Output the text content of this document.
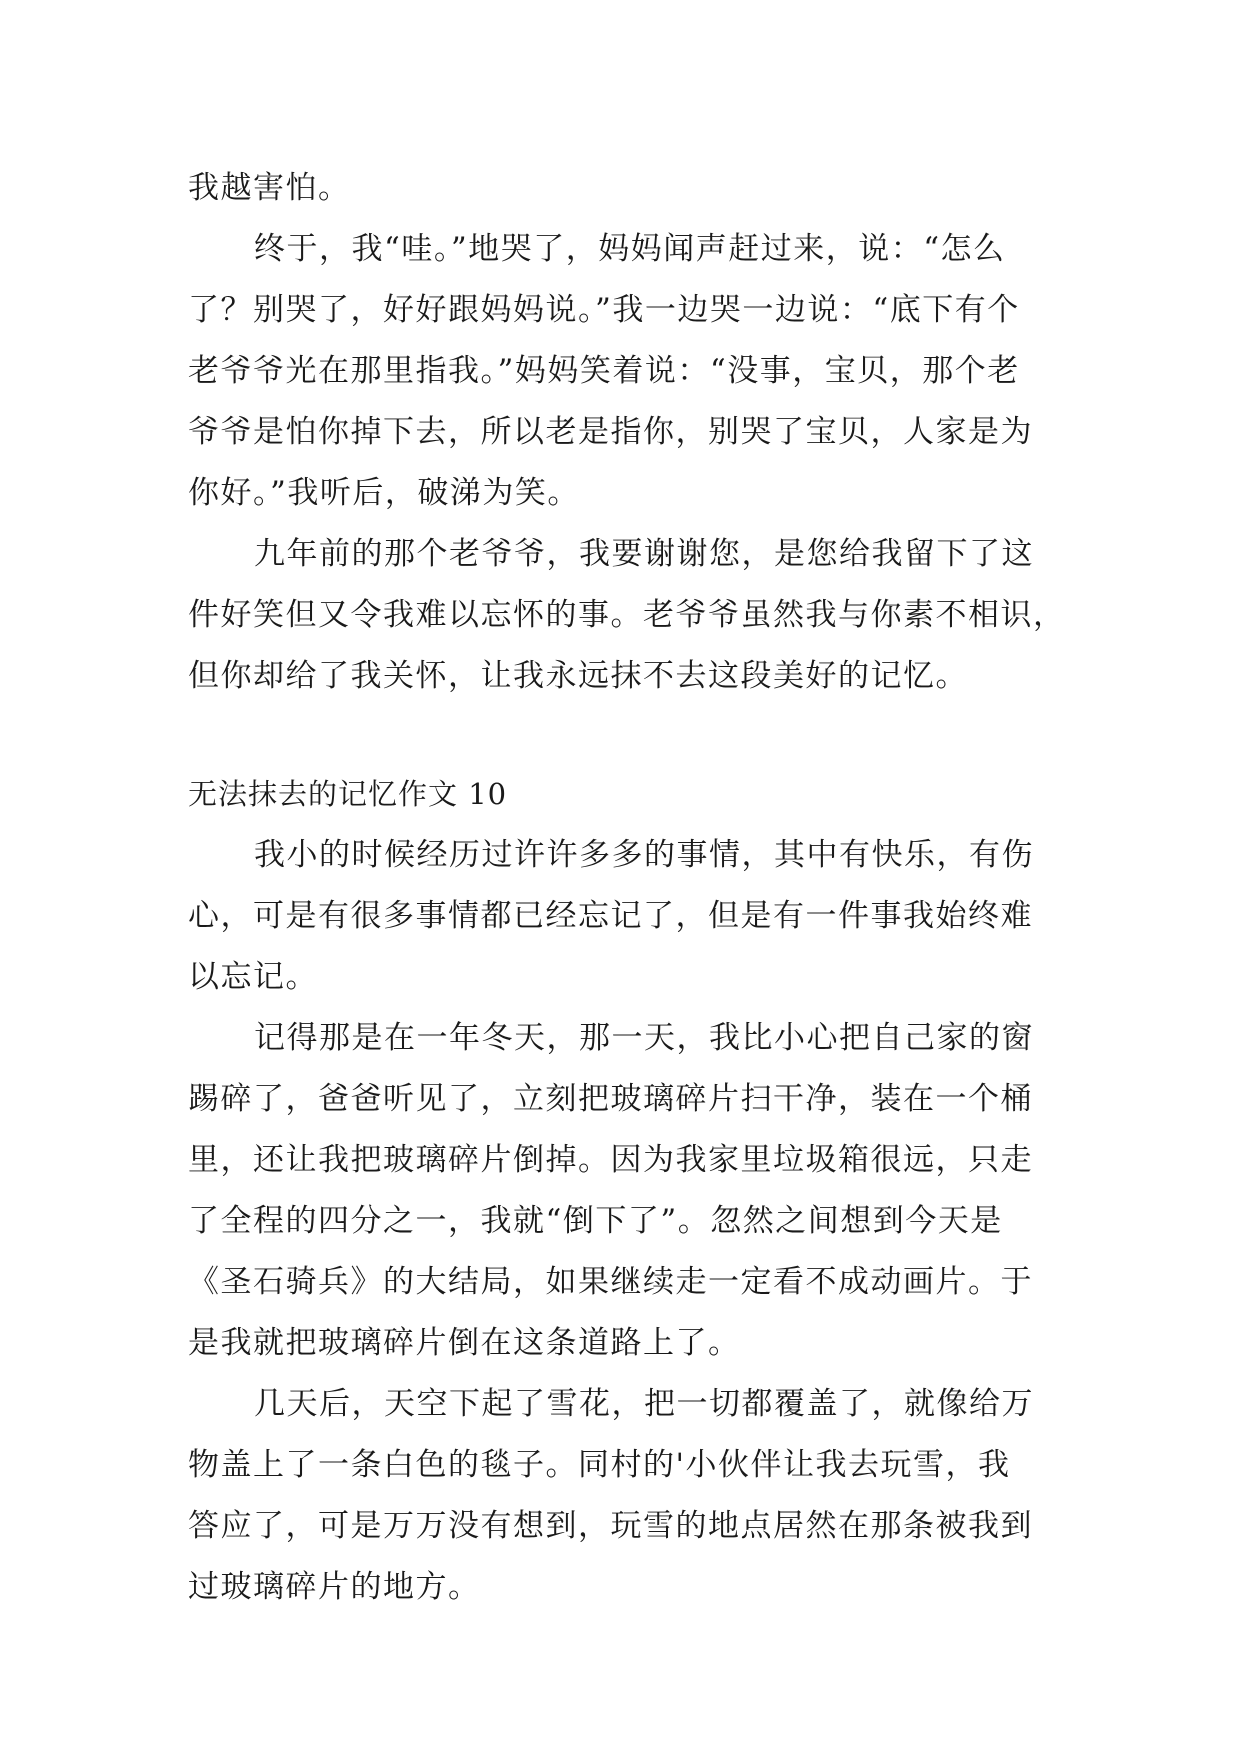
我越害怕。
终于，我“哇。”地哭了，妈妈闻声赶过来，说：“怎么
了？别哭了，好好跟妈妈说。”我一边哭一边说：“底下有个
老爷爷光在那里指我。”妈妈笑着说：“没事，宝贝，那个老
爷爷是怕你掉下去，所以老是指你，别哭了宝贝，人家是为
你好。”我听后，破涕为笑。
九年前的那个老爷爷，我要谢谢您，是您给我留下了这
件好笑但又令我难以忘怀的事。老爷爷虽然我与你素不相识，
但你却给了我关怀，让我永远抹不去这段美好的记忆。
无法抹去的记忆作文 10
我小的时候经历过许许多多的事情，其中有快乐，有伤
心，可是有很多事情都已经忘记了，但是有一件事我始终难
以忘记。
记得那是在一年冬天，那一天，我比小心把自己家的窗
踢碎了，爸爸听见了，立刻把玻璃碎片扫干净，装在一个桶
里，还让我把玻璃碎片倒掉。因为我家里垃圾箱很远，只走
了全程的四分之一，我就“倒下了”。忽然之间想到今天是
《圣石骑兵》的大结局，如果继续走一定看不成动画片。于
是我就把玻璃碎片倒在这条道路上了。
几天后，天空下起了雪花，把一切都覆盖了，就像给万
物盖上了一条白色的毯子。同村的'小伙伴让我去玩雪，我
答应了，可是万万没有想到，玩雪的地点居然在那条被我到
过玻璃碎片的地方。
